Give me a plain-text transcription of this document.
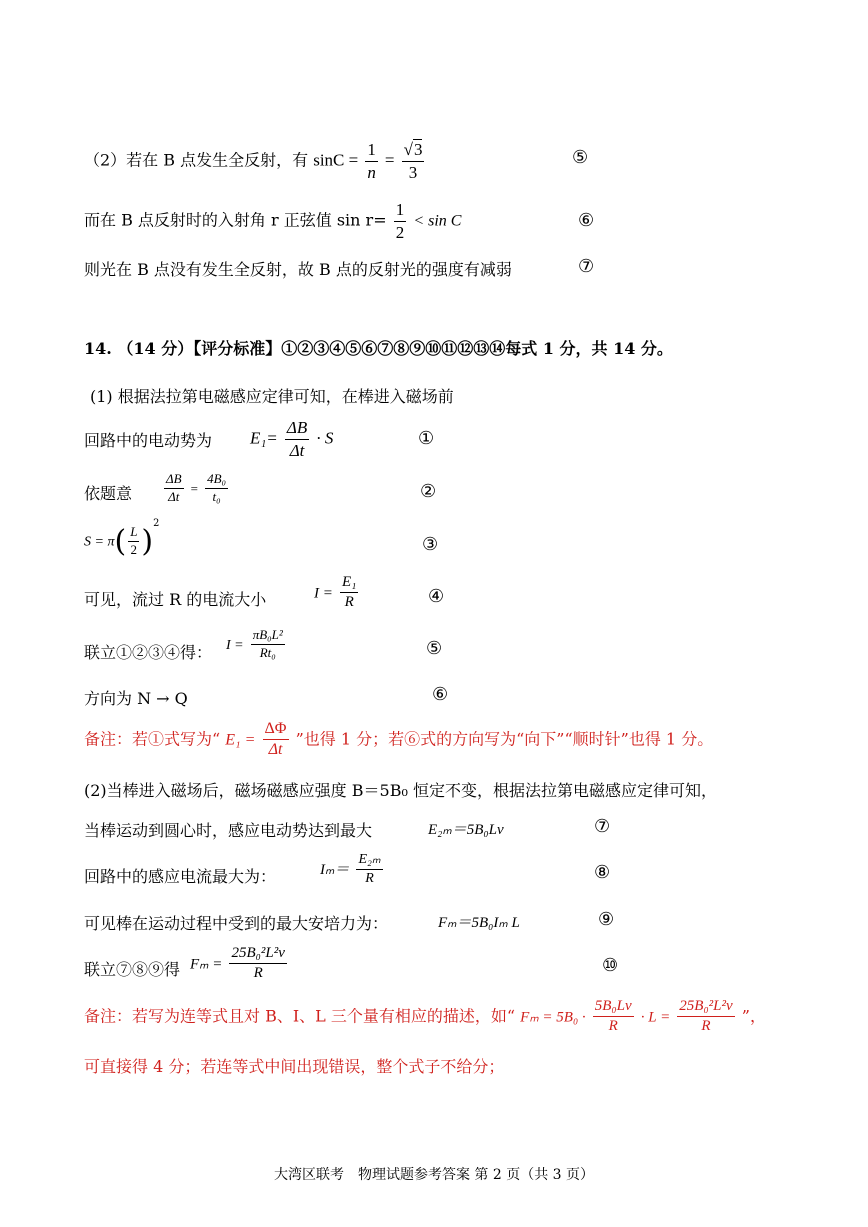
（2）若在 B 点发生全反射，有 $\sin C = \frac{1}{n} = \frac{√3}{3}$	⑤
而在 B 点反射时的入射角 r 正弦值 $\sin r= \frac{1}{2} < \sin C$	⑥
则光在 B 点没有发生全反射，故 B 点的反射光的强度有减弱	⑦
14. （14 分）【评分标准】①②③④⑤⑥⑦⑧⑨⑩⑪⑫⑬⑭每式 1 分，共 14 分。
(1) 根据法拉第电磁感应定律可知，在棒进入磁场前
回路中的电动势为 $E_1= \frac{\Delta B}{\Delta t} \cdot S$	①
依题意 $\frac{\Delta B}{\Delta t} = \frac{\text{4B₀}}{\text{t₀}}$	②
$S = \pi( \frac{L}{2} )^2$
③
可见，流过 R 的电流大小	$I = \frac{\text{E₁}}{R}$	④
联立①②③④得： $I = \frac{\text{πB₀L²}}{\text{Rt₀}}$	⑤
方向为 N → Q	⑥
备注：若①式写为“ $E_1 = \frac{\Delta\Phi}{\Delta t}$ ”也得 1 分；若⑥式的方向写为“向下”“顺时针”也得 1 分。
(2)当棒进入磁场后，磁场磁感应强度 B＝5B₀ 恒定不变，根据法拉第电磁感应定律可知，
当棒运动到圆心时，感应电动势达到最大	E₂ₘ＝5B₀Lv	⑦
回路中的感应电流最大为：	$I_m= \frac{\text{E₂ₘ}}{R}$	⑧
可见棒在运动过程中受到的最大安培力为：	Fₘ＝5B₀Iₘ L	⑨
联立⑦⑧⑨得 $F_m = \frac{\text{25B₀²L²v}}{R}$	⑩
备注：若写为连等式且对 B、I、L 三个量有相应的描述，如“ $F_m = 5B_0 \cdot \frac{\text{5B₀Lv}}{R} \cdot L = \frac{\text{25B₀²L²v}}{R}$ ”，
可直接得 4 分；若连等式中间出现错误，整个式子不给分；
大湾区联考　物理试题参考答案 第 2 页（共 3 页）
